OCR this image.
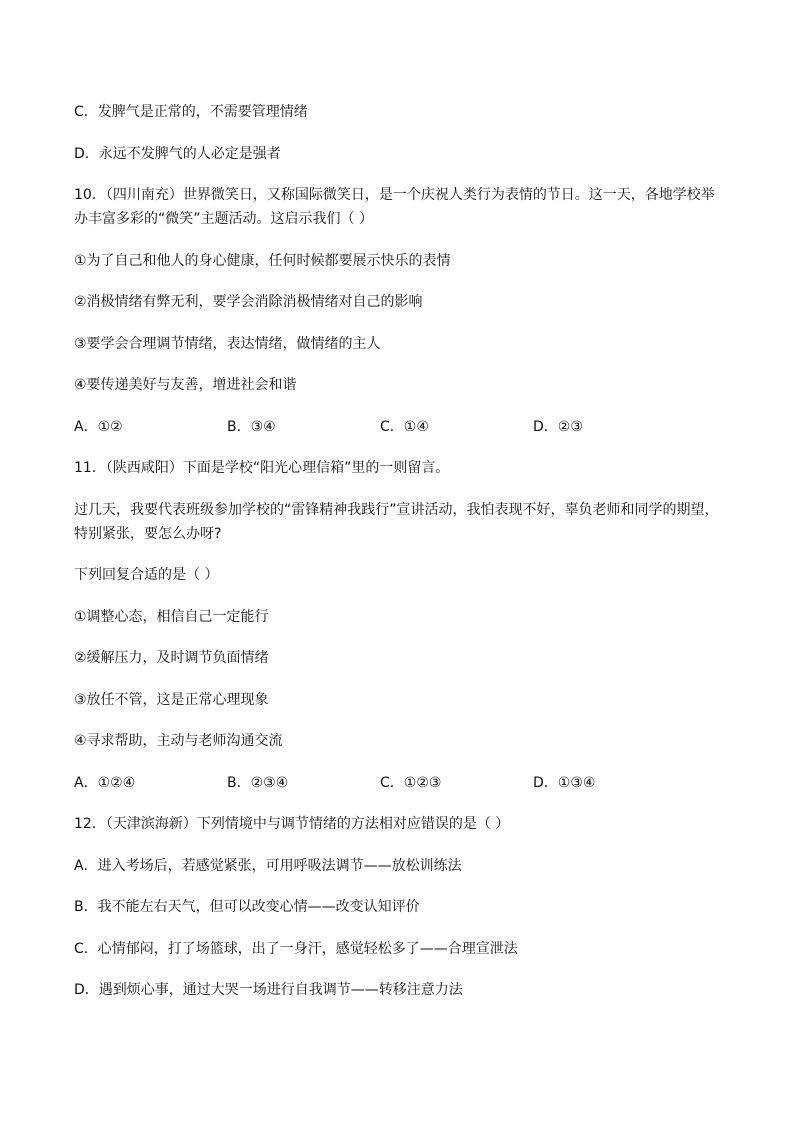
C．发脾气是正常的，不需要管理情绪
D．永远不发脾气的人必定是强者
10．（四川南充）世界微笑日，又称国际微笑日，是一个庆祝人类行为表情的节日。这一天，各地学校举办丰富多彩的“微笑”主题活动。这启示我们（ ）
①为了自己和他人的身心健康，任何时候都要展示快乐的表情
②消极情绪有弊无利，要学会消除消极情绪对自己的影响
③要学会合理调节情绪，表达情绪，做情绪的主人
④要传递美好与友善，增进社会和谐
A．①②	B．③④	C．①④	D．②③
11．（陕西咸阳）下面是学校“阳光心理信箱”里的一则留言。
过几天，我要代表班级参加学校的“雷锋精神我践行”宣讲活动，我怕表现不好，辜负老师和同学的期望，特别紧张，要怎么办呀?
下列回复合适的是（ ）
①调整心态，相信自己一定能行
②缓解压力，及时调节负面情绪
③放任不管，这是正常心理现象
④寻求帮助，主动与老师沟通交流
A．①②④	B．②③④	C．①②③	D．①③④
12．（天津滨海新）下列情境中与调节情绪的方法相对应错误的是（ ）
A．进入考场后，若感觉紧张，可用呼吸法调节——放松训练法
B．我不能左右天气，但可以改变心情——改变认知评价
C．心情郁闷，打了场篮球，出了一身汗，感觉轻松多了——合理宣泄法
D．遇到烦心事，通过大哭一场进行自我调节——转移注意力法
